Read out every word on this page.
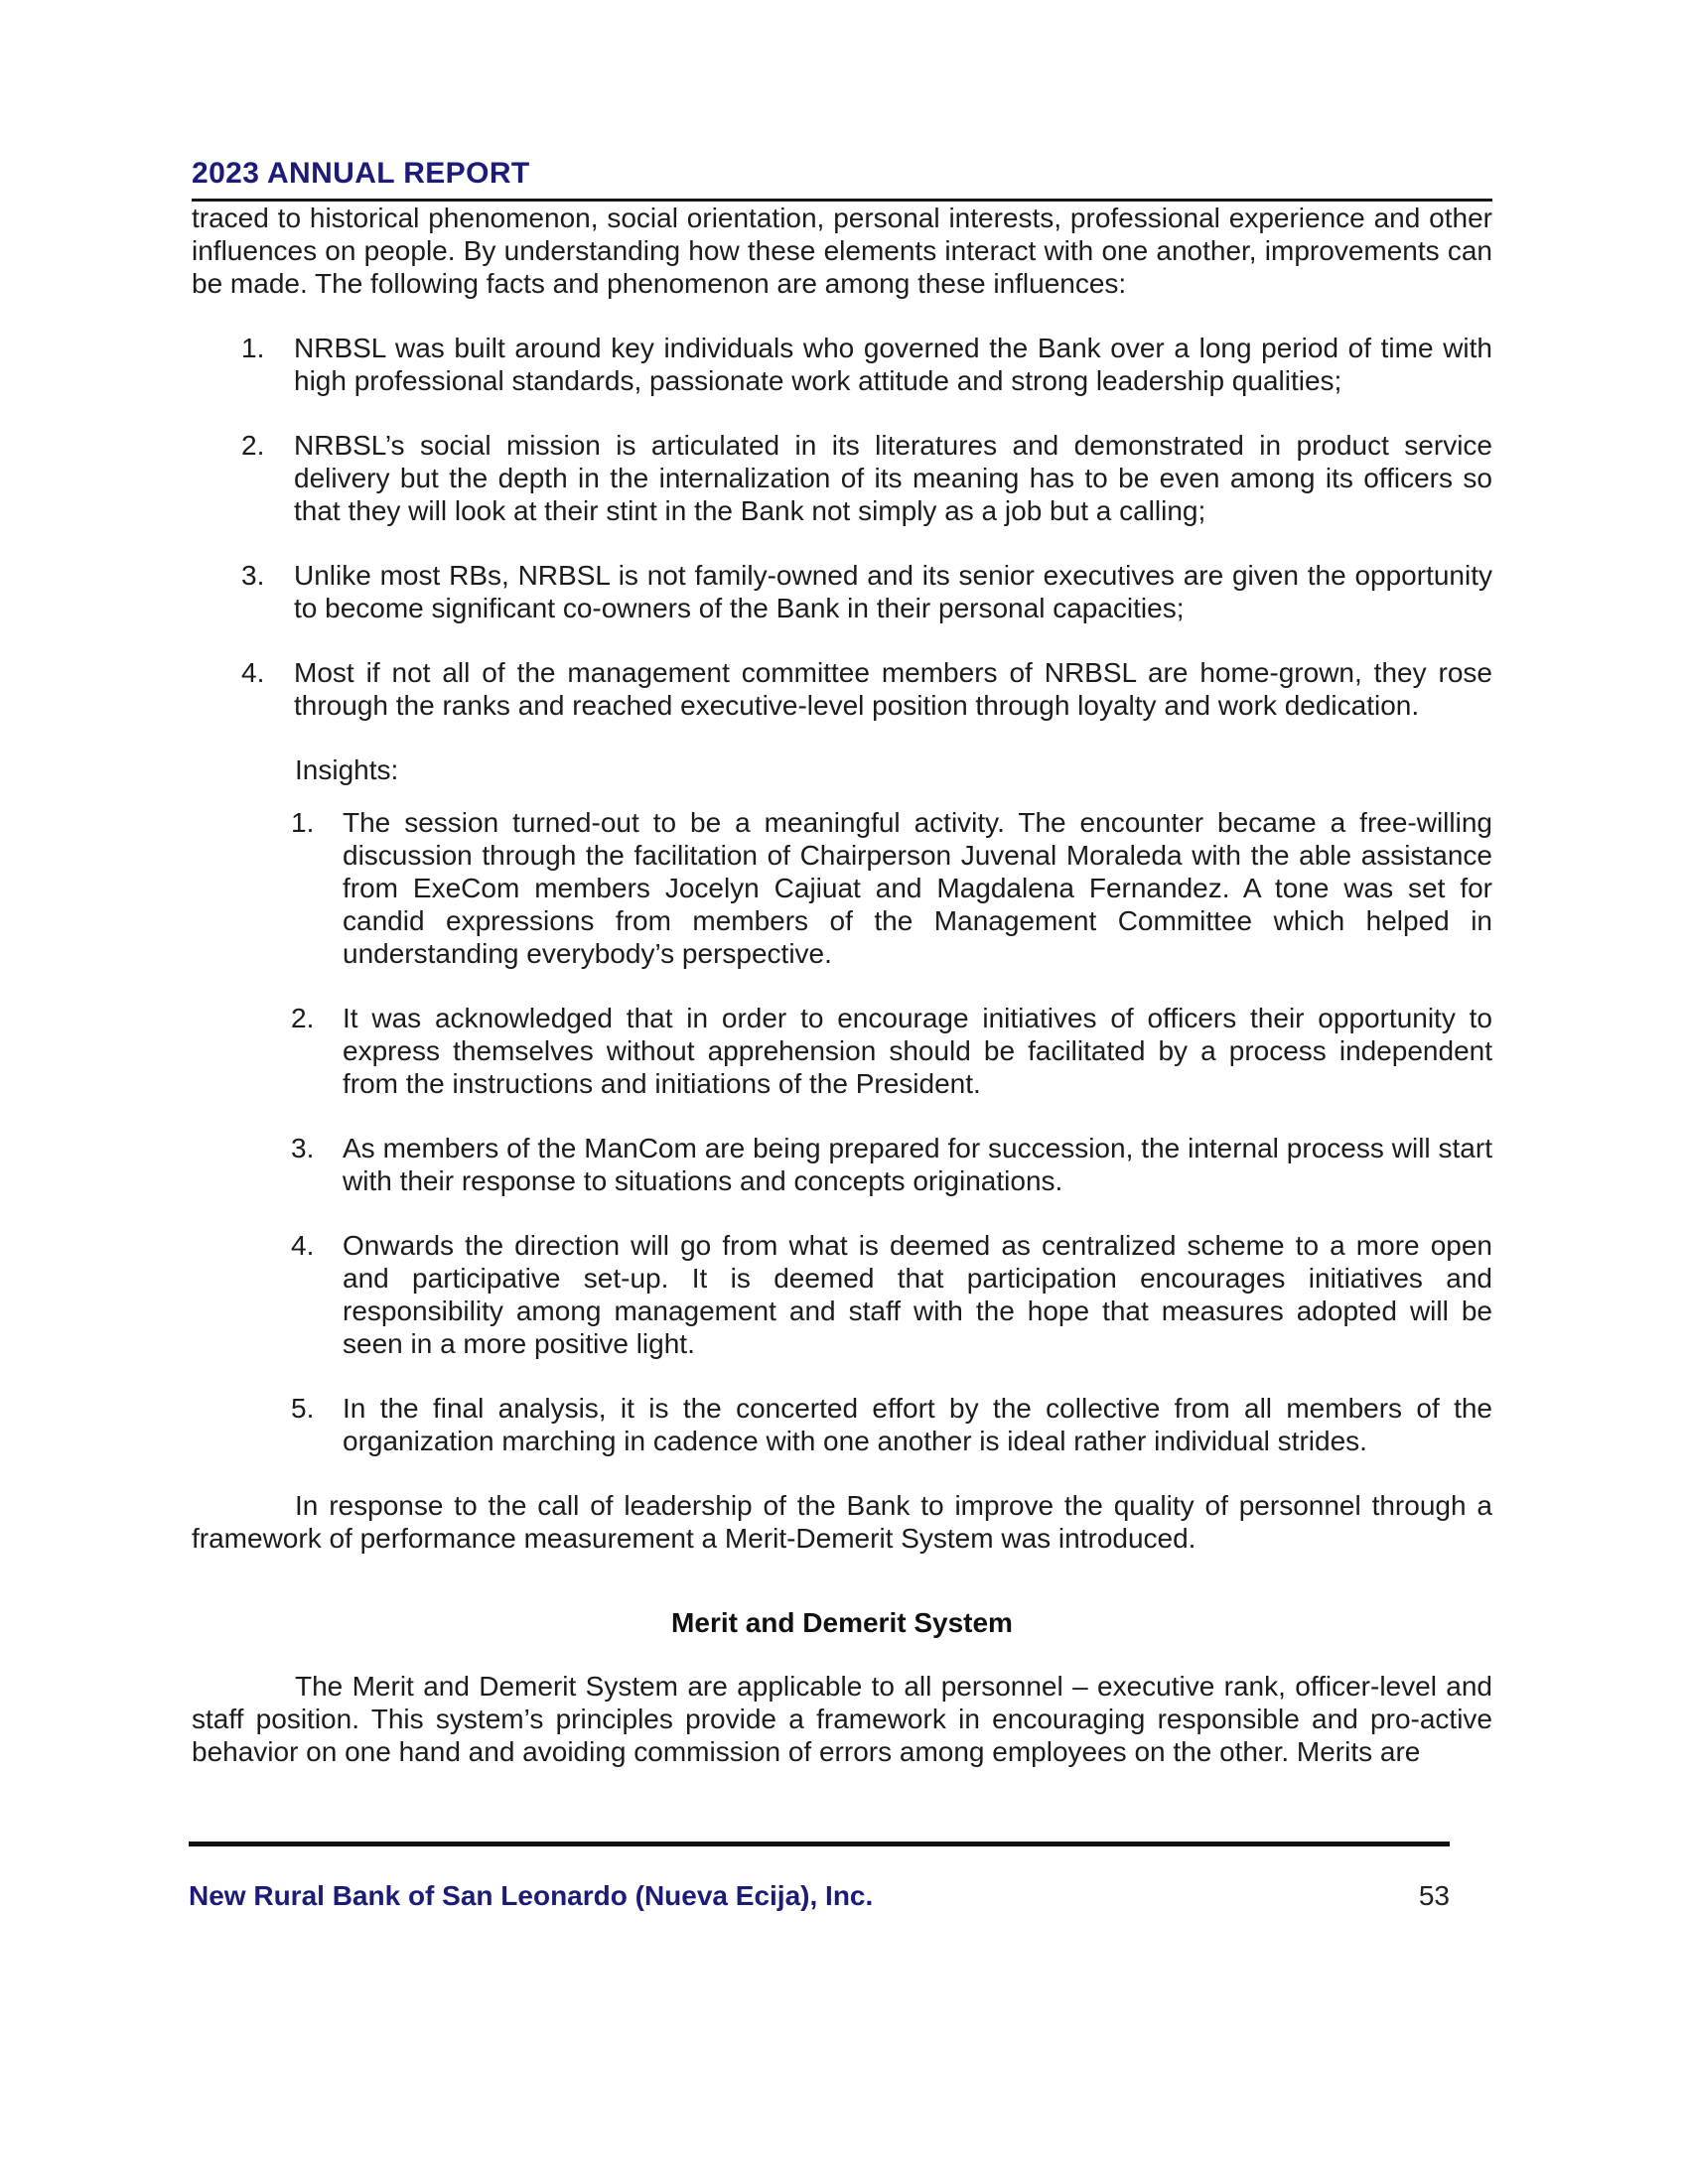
2023 ANNUAL REPORT

traced to historical phenomenon, social orientation, personal interests, professional experience and other influences on people. By understanding how these elements interact with one another, improvements can be made. The following facts and phenomenon are among these influences:

1.	NRBSL was built around key individuals who governed the Bank over a long period of time with high professional standards, passionate work attitude and strong leadership qualities;
2.	NRBSL’s social mission is articulated in its literatures and demonstrated in product service delivery but the depth in the internalization of its meaning has to be even among its officers so that they will look at their stint in the Bank not simply as a job but a calling;
3.	Unlike most RBs, NRBSL is not family-owned and its senior executives are given the opportunity to become significant co-owners of the Bank in their personal capacities;
4.	Most if not all of the management committee members of NRBSL are home-grown, they rose through the ranks and reached executive-level position through loyalty and work dedication.
Insights:
1.	The session turned-out to be a meaningful activity. The encounter became a free-willing discussion through the facilitation of Chairperson Juvenal Moraleda with the able assistance from ExeCom members Jocelyn Cajiuat and Magdalena Fernandez. A tone was set for candid expressions from members of the Management Committee which helped in understanding everybody’s perspective.
2.	It was acknowledged that in order to encourage initiatives of officers their opportunity to express themselves without apprehension should be facilitated by a process independent from the instructions and initiations of the President.
3.	As members of the ManCom are being prepared for succession, the internal process will start with their response to situations and concepts originations.
4.	Onwards the direction will go from what is deemed as centralized scheme to a more open and participative set-up. It is deemed that participation encourages initiatives and responsibility among management and staff with the hope that measures adopted will be seen in a more positive light.
5.	In the final analysis, it is the concerted effort by the collective from all members of the organization marching in cadence with one another is ideal rather individual strides.

In response to the call of leadership of the Bank to improve the quality of personnel through a framework of performance measurement a Merit-Demerit System was introduced.

Merit and Demerit System

The Merit and Demerit System are applicable to all personnel – executive rank, officer-level and staff position. This system’s principles provide a framework in encouraging responsible and pro-active behavior on one hand and avoiding commission of errors among employees on the other. Merits are

New Rural Bank of San Leonardo (Nueva Ecija), Inc.	53
